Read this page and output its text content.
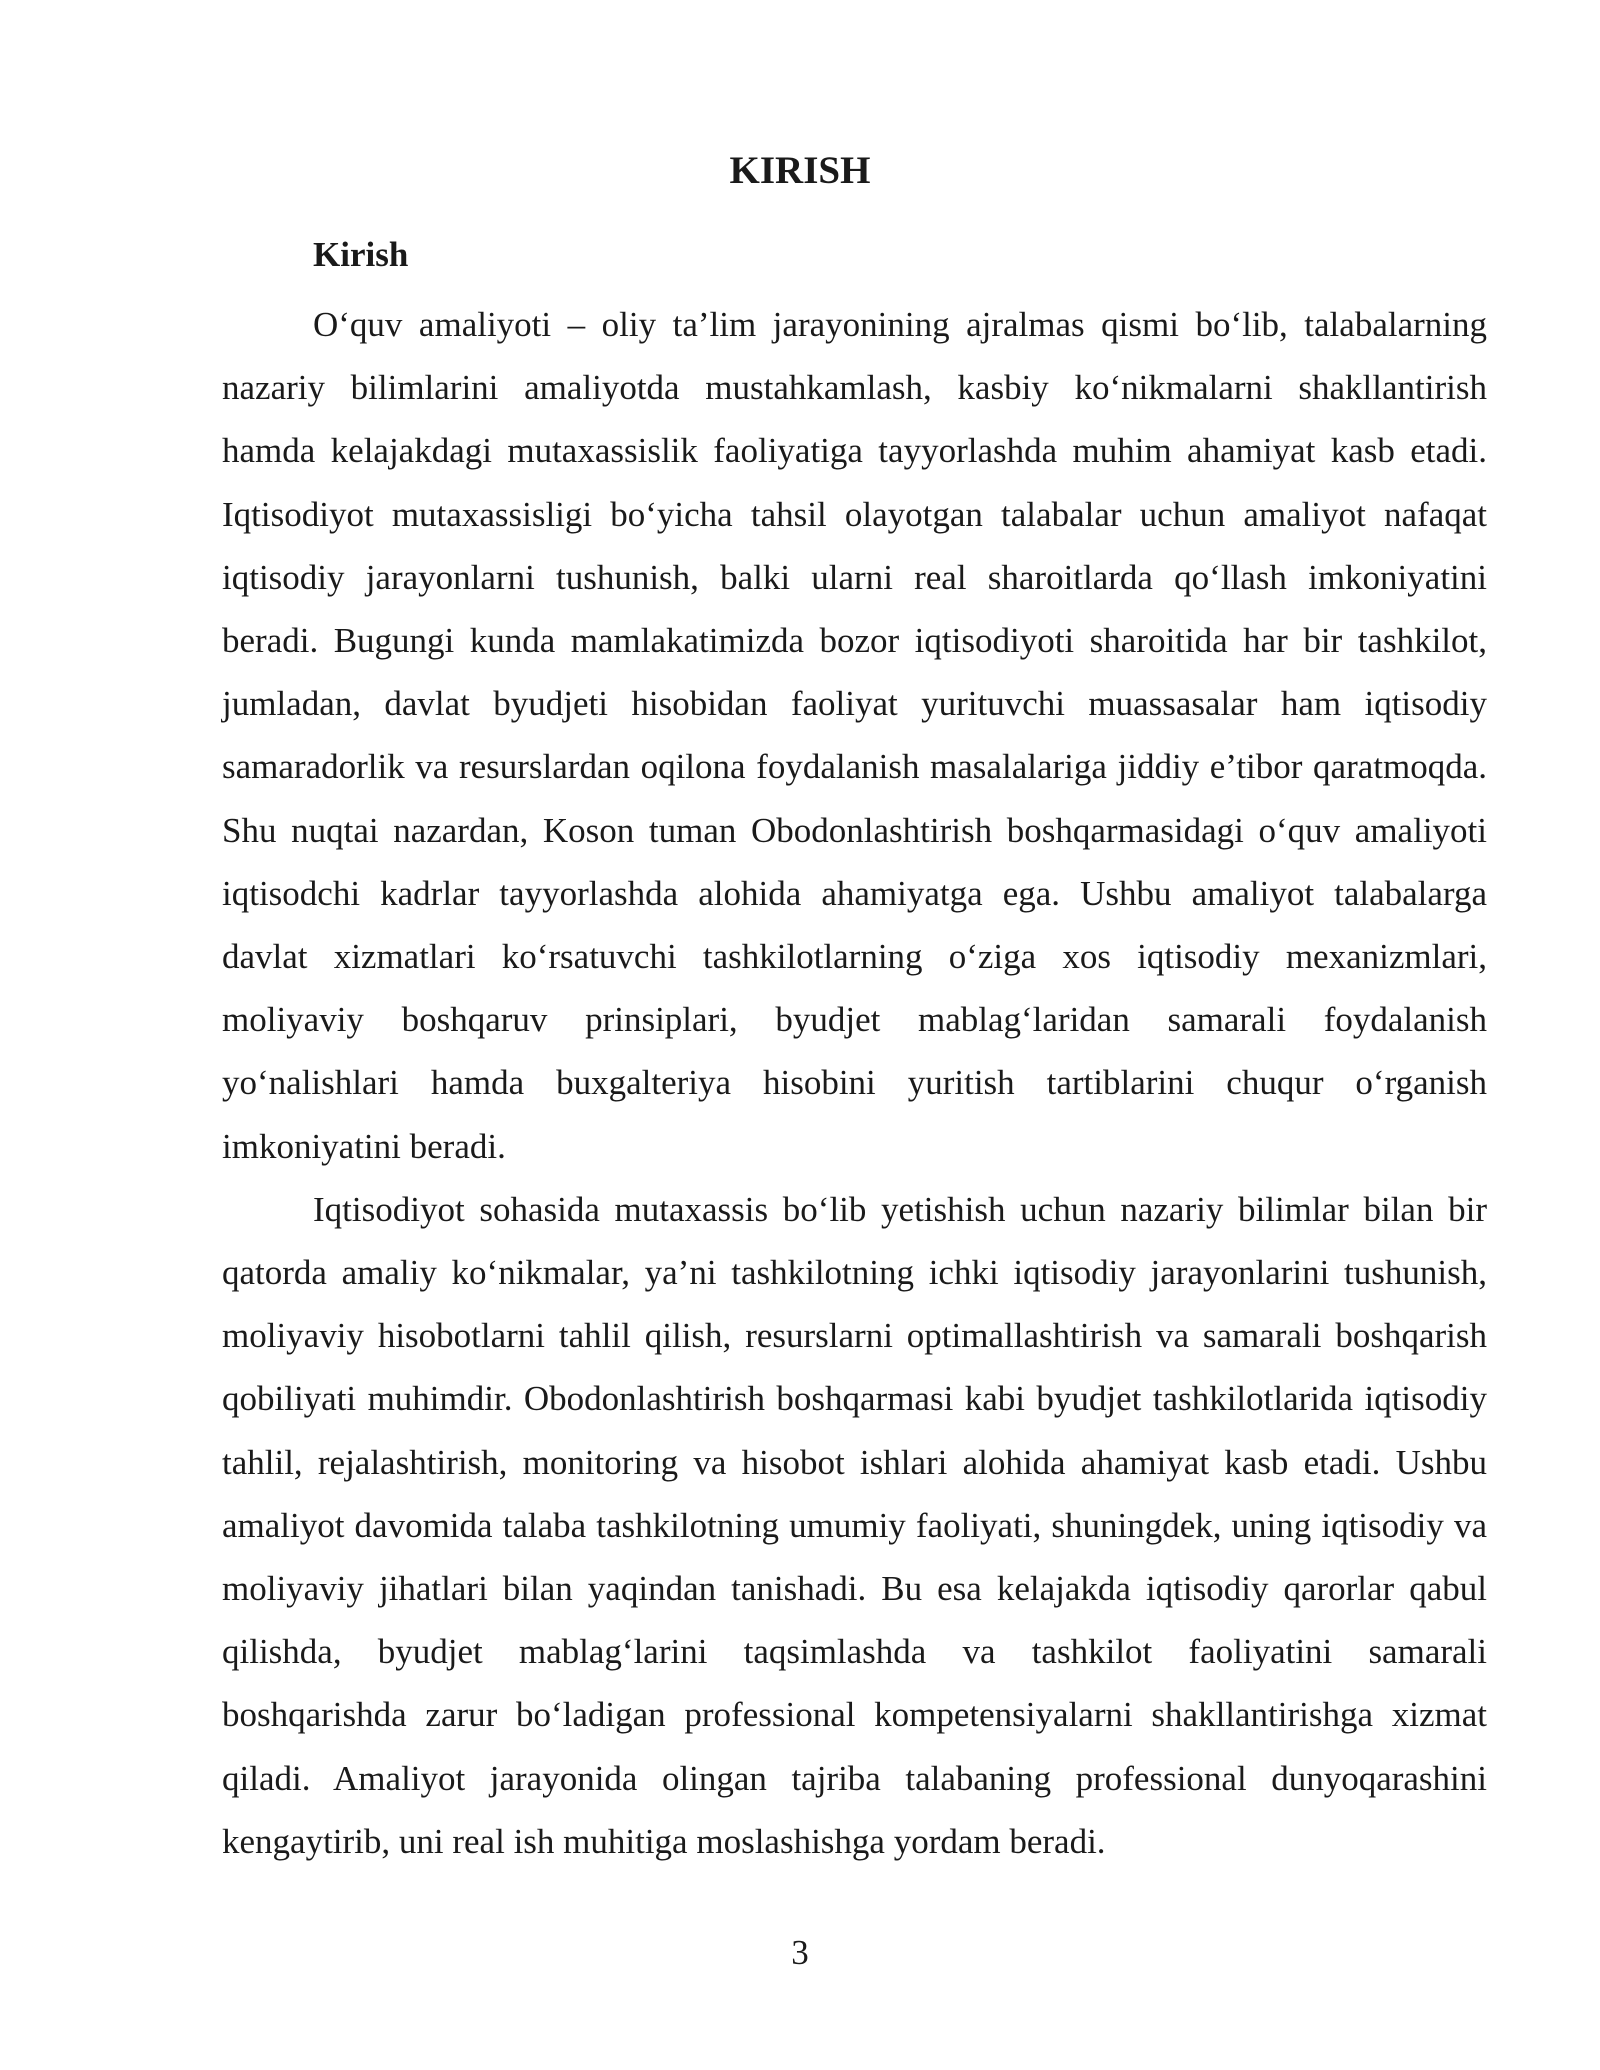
KIRISH
Kirish

O‘quv amaliyoti – oliy ta’lim jarayonining ajralmas qismi bo‘lib, talabalarning nazariy bilimlarini amaliyotda mustahkamlash, kasbiy ko‘nikmalarni shakllantirish hamda kelajakdagi mutaxassislik faoliyatiga tayyorlashda muhim ahamiyat kasb etadi. Iqtisodiyot mutaxassisligi bo‘yicha tahsil olayotgan talabalar uchun amaliyot nafaqat iqtisodiy jarayonlarni tushunish, balki ularni real sharoitlarda qo‘llash imkoniyatini beradi. Bugungi kunda mamlakatimizda bozor iqtisodiyoti sharoitida har bir tashkilot, jumladan, davlat byudjeti hisobidan faoliyat yurituvchi muassasalar ham iqtisodiy samaradorlik va resurslardan oqilona foydalanish masalalariga jiddiy e’tibor qaratmoqda. Shu nuqtai nazardan, Koson tuman Obodonlashtirish boshqarmasidagi o‘quv amaliyoti iqtisodchi kadrlar tayyorlashda alohida ahamiyatga ega. Ushbu amaliyot talabalarga davlat xizmatlari ko‘rsatuvchi tashkilotlarning o‘ziga xos iqtisodiy mexanizmlari, moliyaviy boshqaruv prinsiplari, byudjet mablag‘laridan samarali foydalanish yo‘nalishlari hamda buxgalteriya hisobini yuritish tartiblarini chuqur o‘rganish imkoniyatini beradi.

Iqtisodiyot sohasida mutaxassis bo‘lib yetishish uchun nazariy bilimlar bilan bir qatorda amaliy ko‘nikmalar, ya’ni tashkilotning ichki iqtisodiy jarayonlarini tushunish, moliyaviy hisobotlarni tahlil qilish, resurslarni optimallashtirish va samarali boshqarish qobiliyati muhimdir. Obodonlashtirish boshqarmasi kabi byudjet tashkilotlarida iqtisodiy tahlil, rejalashtirish, monitoring va hisobot ishlari alohida ahamiyat kasb etadi. Ushbu amaliyot davomida talaba tashkilotning umumiy faoliyati, shuningdek, uning iqtisodiy va moliyaviy jihatlari bilan yaqindan tanishadi. Bu esa kelajakda iqtisodiy qarorlar qabul qilishda, byudjet mablag‘larini taqsimlashda va tashkilot faoliyatini samarali boshqarishda zarur bo‘ladigan professional kompetensiyalarni shakllantirishga xizmat qiladi. Amaliyot jarayonida olingan tajriba talabaning professional dunyoqarashini kengaytirib, uni real ish muhitiga moslashishga yordam beradi.

3
